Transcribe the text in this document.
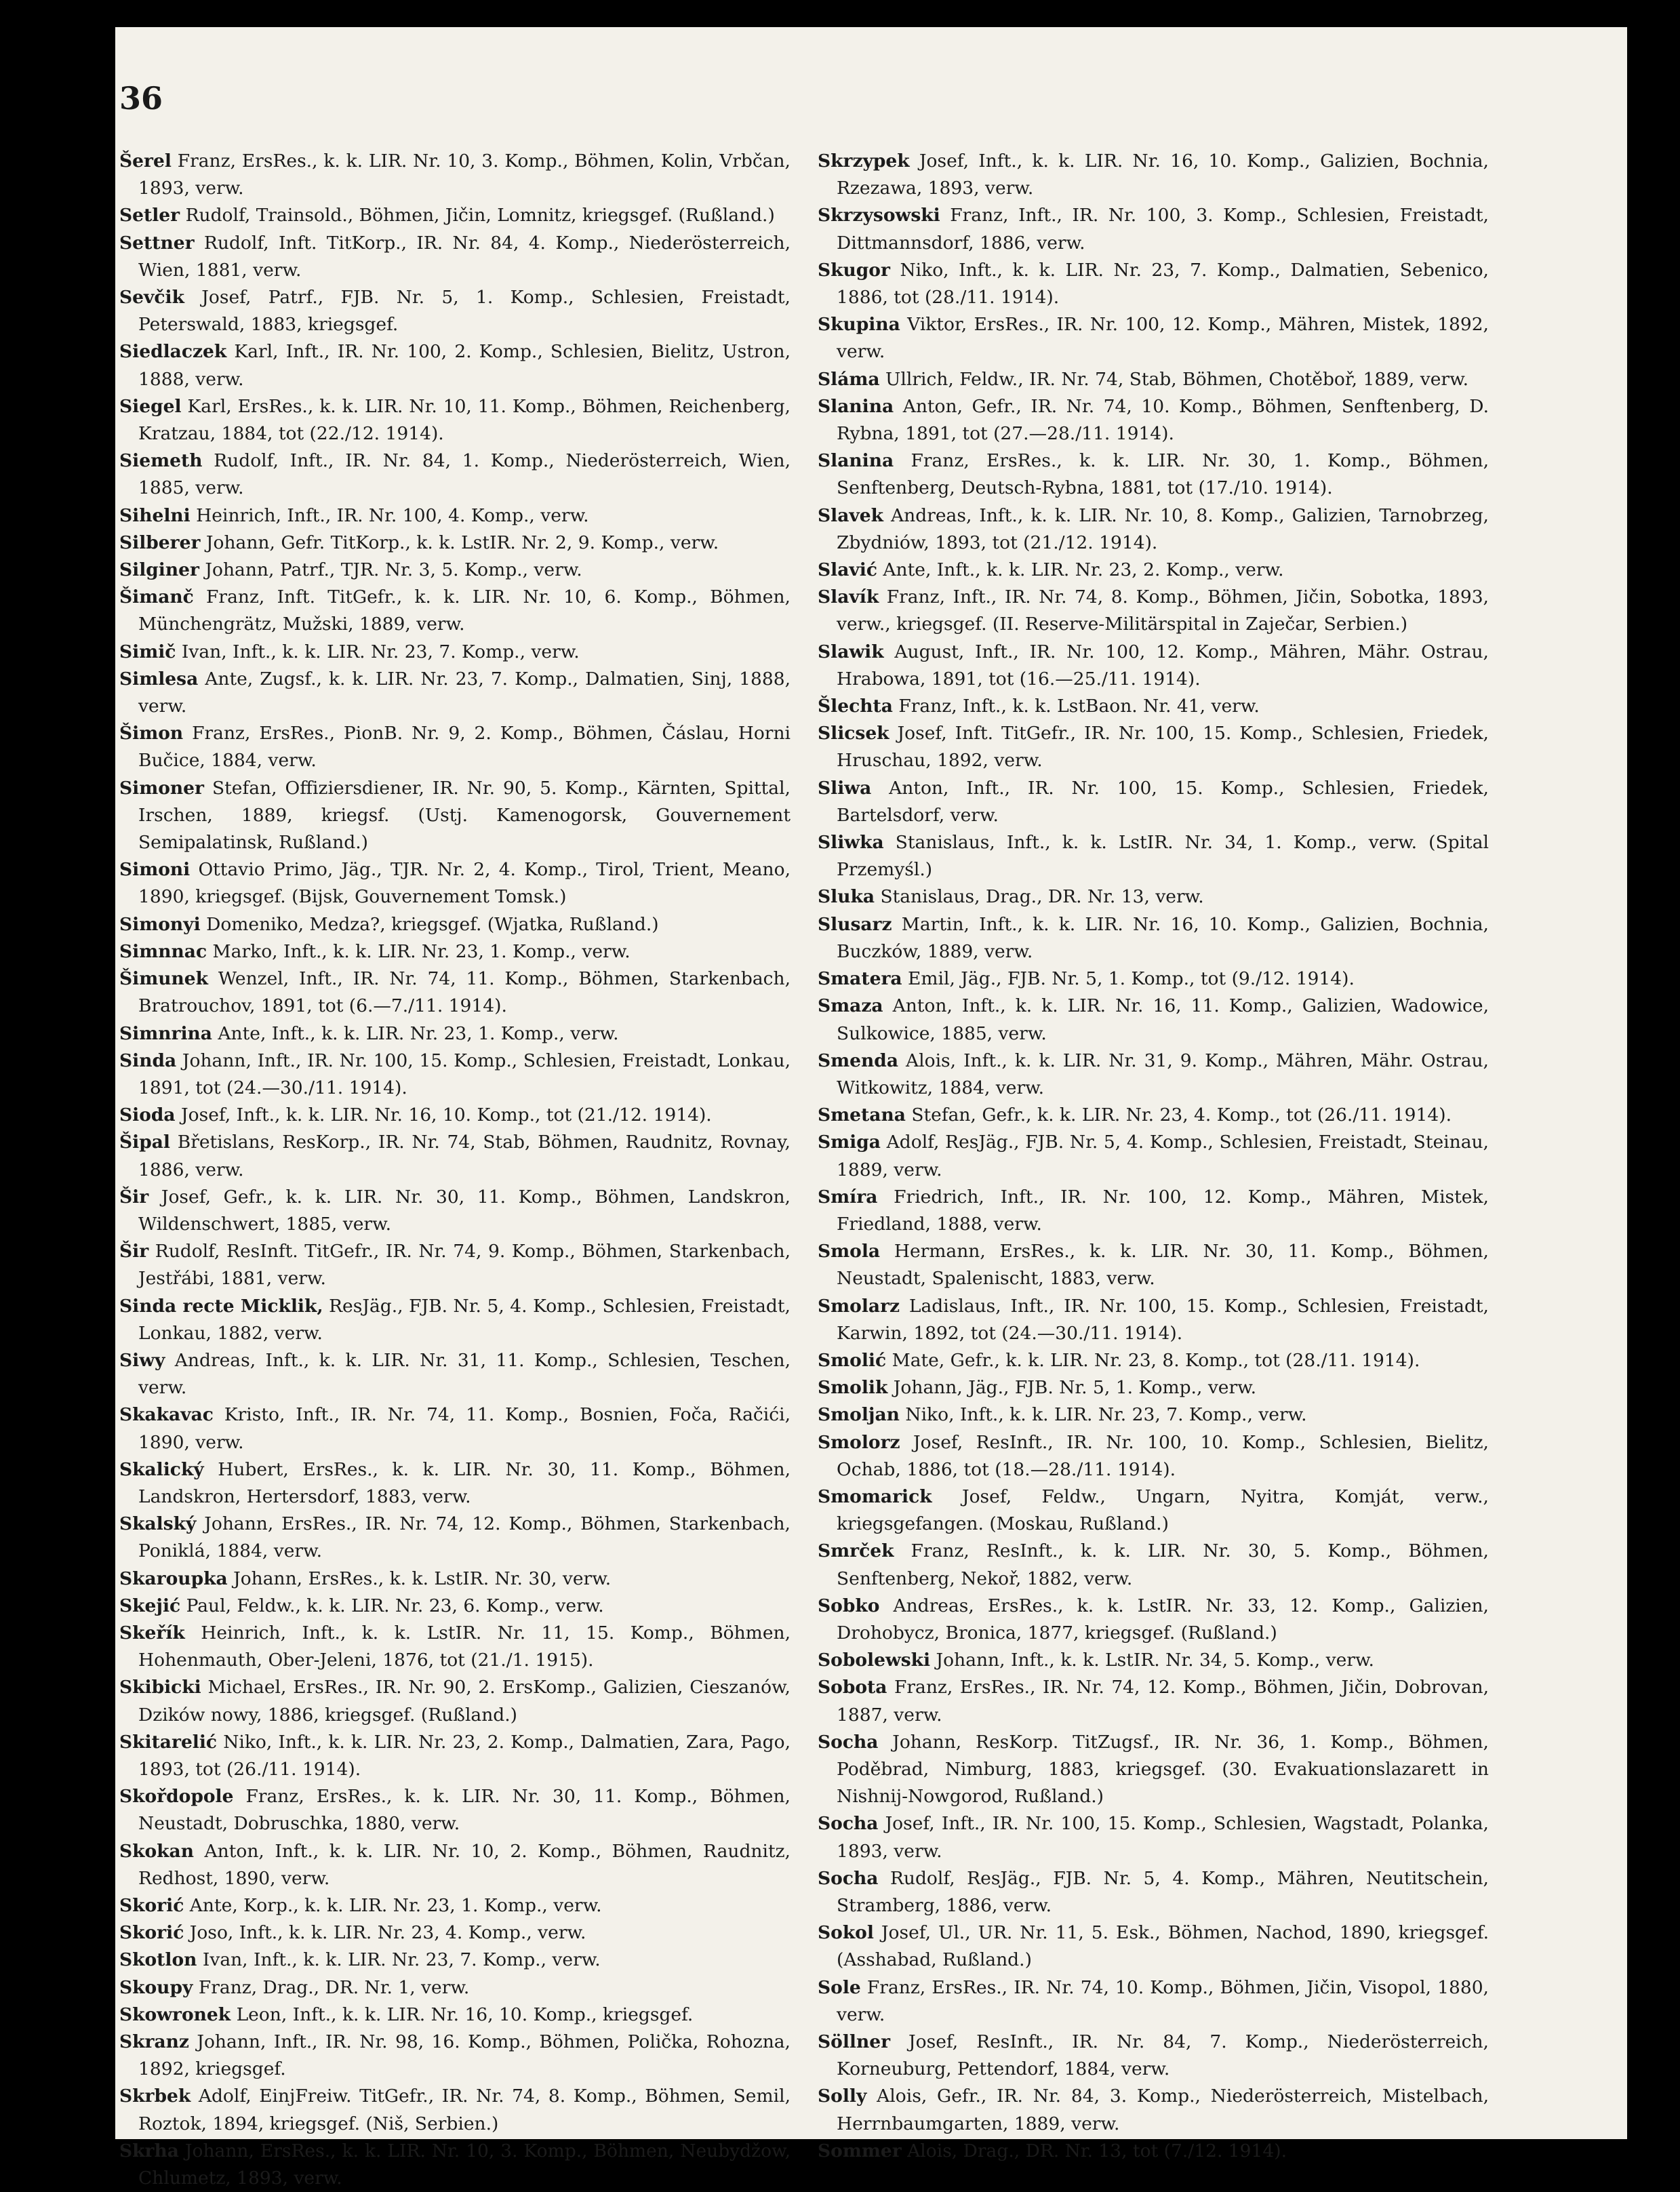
36

Šerel Franz, ErsRes., k. k. LIR. Nr. 10, 3. Komp., Böhmen, Kolin, Vrbčan, 1893, verw.

Setler Rudolf, Trainsold., Böhmen, Jičin, Lomnitz, kriegsgef. (Rußland.)

Settner Rudolf, Inft. TitKorp., IR. Nr. 84, 4. Komp., Niederösterreich, Wien, 1881, verw.

Sevčik Josef, Patrf., FJB. Nr. 5, 1. Komp., Schlesien, Freistadt, Peterswald, 1883, kriegsgef.

Siedlaczek Karl, Inft., IR. Nr. 100, 2. Komp., Schlesien, Bielitz, Ustron, 1888, verw.

Siegel Karl, ErsRes., k. k. LIR. Nr. 10, 11. Komp., Böhmen, Reichenberg, Kratzau, 1884, tot (22./12. 1914).

Siemeth Rudolf, Inft., IR. Nr. 84, 1. Komp., Niederösterreich, Wien, 1885, verw.

Sihelni Heinrich, Inft., IR. Nr. 100, 4. Komp., verw.

Silberer Johann, Gefr. TitKorp., k. k. LstIR. Nr. 2, 9. Komp., verw.

Silginer Johann, Patrf., TJR. Nr. 3, 5. Komp., verw.

Šimanč Franz, Inft. TitGefr., k. k. LIR. Nr. 10, 6. Komp., Böhmen, Münchengrätz, Mužski, 1889, verw.

Simič Ivan, Inft., k. k. LIR. Nr. 23, 7. Komp., verw.

Simlesa Ante, Zugsf., k. k. LIR. Nr. 23, 7. Komp., Dalmatien, Sinj, 1888, verw.

Šimon Franz, ErsRes., PionB. Nr. 9, 2. Komp., Böhmen, Čáslau, Horni Bučice, 1884, verw.

Simoner Stefan, Offiziersdiener, IR. Nr. 90, 5. Komp., Kärnten, Spittal, Irschen, 1889, kriegsf. (Ustj. Kamenogorsk, Gouvernement Semipalatinsk, Rußland.)

Simoni Ottavio Primo, Jäg., TJR. Nr. 2, 4. Komp., Tirol, Trient, Meano, 1890, kriegsgef. (Bijsk, Gouvernement Tomsk.)

Simonyi Domeniko, Medza?, kriegsgef. (Wjatka, Rußland.)

Simnnac Marko, Inft., k. k. LIR. Nr. 23, 1. Komp., verw.

Šimunek Wenzel, Inft., IR. Nr. 74, 11. Komp., Böhmen, Starkenbach, Bratrouchov, 1891, tot (6.—7./11. 1914).

Simnrina Ante, Inft., k. k. LIR. Nr. 23, 1. Komp., verw.

Sinda Johann, Inft., IR. Nr. 100, 15. Komp., Schlesien, Freistadt, Lonkau, 1891, tot (24.—30./11. 1914).

Sioda Josef, Inft., k. k. LIR. Nr. 16, 10. Komp., tot (21./12. 1914).

Šipal Břetislans, ResKorp., IR. Nr. 74, Stab, Böhmen, Raudnitz, Rovnay, 1886, verw.

Šir Josef, Gefr., k. k. LIR. Nr. 30, 11. Komp., Böhmen, Landskron, Wildenschwert, 1885, verw.

Šir Rudolf, ResInft. TitGefr., IR. Nr. 74, 9. Komp., Böhmen, Starkenbach, Jestřábi, 1881, verw.

Sinda recte Micklik, ResJäg., FJB. Nr. 5, 4. Komp., Schlesien, Freistadt, Lonkau, 1882, verw.

Siwy Andreas, Inft., k. k. LIR. Nr. 31, 11. Komp., Schlesien, Teschen, verw.

Skakavac Kristo, Inft., IR. Nr. 74, 11. Komp., Bosnien, Foča, Račići, 1890, verw.

Skalický Hubert, ErsRes., k. k. LIR. Nr. 30, 11. Komp., Böhmen, Landskron, Hertersdorf, 1883, verw.

Skalský Johann, ErsRes., IR. Nr. 74, 12. Komp., Böhmen, Starkenbach, Poniklá, 1884, verw.

Skaroupka Johann, ErsRes., k. k. LstIR. Nr. 30, verw.

Skejić Paul, Feldw., k. k. LIR. Nr. 23, 6. Komp., verw.

Skeřík Heinrich, Inft., k. k. LstIR. Nr. 11, 15. Komp., Böhmen, Hohenmauth, Ober-Jeleni, 1876, tot (21./1. 1915).

Skibicki Michael, ErsRes., IR. Nr. 90, 2. ErsKomp., Galizien, Cieszanów, Dzików nowy, 1886, kriegsgef. (Rußland.)

Skitarelić Niko, Inft., k. k. LIR. Nr. 23, 2. Komp., Dalmatien, Zara, Pago, 1893, tot (26./11. 1914).

Skořdopole Franz, ErsRes., k. k. LIR. Nr. 30, 11. Komp., Böhmen, Neustadt, Dobruschka, 1880, verw.

Skokan Anton, Inft., k. k. LIR. Nr. 10, 2. Komp., Böhmen, Raudnitz, Redhost, 1890, verw.

Skorić Ante, Korp., k. k. LIR. Nr. 23, 1. Komp., verw.

Skorić Joso, Inft., k. k. LIR. Nr. 23, 4. Komp., verw.

Skotlon Ivan, Inft., k. k. LIR. Nr. 23, 7. Komp., verw.

Skoupy Franz, Drag., DR. Nr. 1, verw.

Skowronek Leon, Inft., k. k. LIR. Nr. 16, 10. Komp., kriegsgef.

Skranz Johann, Inft., IR. Nr. 98, 16. Komp., Böhmen, Polička, Rohozna, 1892, kriegsgef.

Skrbek Adolf, EinjFreiw. TitGefr., IR. Nr. 74, 8. Komp., Böhmen, Semil, Roztok, 1894, kriegsgef. (Niš, Serbien.)

Skrha Johann, ErsRes., k. k. LIR. Nr. 10, 3. Komp., Böhmen, Neubydžow, Chlumetz, 1893, verw.

Skrzypek Josef, Inft., k. k. LIR. Nr. 16, 10. Komp., Galizien, Bochnia, Rzezawa, 1893, verw.

Skrzysowski Franz, Inft., IR. Nr. 100, 3. Komp., Schlesien, Freistadt, Dittmannsdorf, 1886, verw.

Skugor Niko, Inft., k. k. LIR. Nr. 23, 7. Komp., Dalmatien, Sebenico, 1886, tot (28./11. 1914).

Skupina Viktor, ErsRes., IR. Nr. 100, 12. Komp., Mähren, Mistek, 1892, verw.

Sláma Ullrich, Feldw., IR. Nr. 74, Stab, Böhmen, Chotěboř, 1889, verw.

Slanina Anton, Gefr., IR. Nr. 74, 10. Komp., Böhmen, Senftenberg, D. Rybna, 1891, tot (27.—28./11. 1914).

Slanina Franz, ErsRes., k. k. LIR. Nr. 30, 1. Komp., Böhmen, Senftenberg, Deutsch-Rybna, 1881, tot (17./10. 1914).

Slavek Andreas, Inft., k. k. LIR. Nr. 10, 8. Komp., Galizien, Tarnobrzeg, Zbydniów, 1893, tot (21./12. 1914).

Slavić Ante, Inft., k. k. LIR. Nr. 23, 2. Komp., verw.

Slavík Franz, Inft., IR. Nr. 74, 8. Komp., Böhmen, Jičin, Sobotka, 1893, verw., kriegsgef. (II. Reserve-Militärspital in Zaječar, Serbien.)

Slawik August, Inft., IR. Nr. 100, 12. Komp., Mähren, Mähr. Ostrau, Hrabowa, 1891, tot (16.—25./11. 1914).

Šlechta Franz, Inft., k. k. LstBaon. Nr. 41, verw.

Slicsek Josef, Inft. TitGefr., IR. Nr. 100, 15. Komp., Schlesien, Friedek, Hruschau, 1892, verw.

Sliwa Anton, Inft., IR. Nr. 100, 15. Komp., Schlesien, Friedek, Bartelsdorf, verw.

Sliwka Stanislaus, Inft., k. k. LstIR. Nr. 34, 1. Komp., verw. (Spital Przemyśl.)

Sluka Stanislaus, Drag., DR. Nr. 13, verw.

Slusarz Martin, Inft., k. k. LIR. Nr. 16, 10. Komp., Galizien, Bochnia, Buczków, 1889, verw.

Smatera Emil, Jäg., FJB. Nr. 5, 1. Komp., tot (9./12. 1914).

Smaza Anton, Inft., k. k. LIR. Nr. 16, 11. Komp., Galizien, Wadowice, Sulkowice, 1885, verw.

Smenda Alois, Inft., k. k. LIR. Nr. 31, 9. Komp., Mähren, Mähr. Ostrau, Witkowitz, 1884, verw.

Smetana Stefan, Gefr., k. k. LIR. Nr. 23, 4. Komp., tot (26./11. 1914).

Smiga Adolf, ResJäg., FJB. Nr. 5, 4. Komp., Schlesien, Freistadt, Steinau, 1889, verw.

Smíra Friedrich, Inft., IR. Nr. 100, 12. Komp., Mähren, Mistek, Friedland, 1888, verw.

Smola Hermann, ErsRes., k. k. LIR. Nr. 30, 11. Komp., Böhmen, Neustadt, Spalenischt, 1883, verw.

Smolarz Ladislaus, Inft., IR. Nr. 100, 15. Komp., Schlesien, Freistadt, Karwin, 1892, tot (24.—30./11. 1914).

Smolić Mate, Gefr., k. k. LIR. Nr. 23, 8. Komp., tot (28./11. 1914).

Smolik Johann, Jäg., FJB. Nr. 5, 1. Komp., verw.

Smoljan Niko, Inft., k. k. LIR. Nr. 23, 7. Komp., verw.

Smolorz Josef, ResInft., IR. Nr. 100, 10. Komp., Schlesien, Bielitz, Ochab, 1886, tot (18.—28./11. 1914).

Smomarick Josef, Feldw., Ungarn, Nyitra, Komját, verw., kriegsgefangen. (Moskau, Rußland.)

Smrček Franz, ResInft., k. k. LIR. Nr. 30, 5. Komp., Böhmen, Senftenberg, Nekoř, 1882, verw.

Sobko Andreas, ErsRes., k. k. LstIR. Nr. 33, 12. Komp., Galizien, Drohobycz, Bronica, 1877, kriegsgef. (Rußland.)

Sobolewski Johann, Inft., k. k. LstIR. Nr. 34, 5. Komp., verw.

Sobota Franz, ErsRes., IR. Nr. 74, 12. Komp., Böhmen, Jičin, Dobrovan, 1887, verw.

Socha Johann, ResKorp. TitZugsf., IR. Nr. 36, 1. Komp., Böhmen, Poděbrad, Nimburg, 1883, kriegsgef. (30. Evakuationslazarett in Nishnij-Nowgorod, Rußland.)

Socha Josef, Inft., IR. Nr. 100, 15. Komp., Schlesien, Wagstadt, Polanka, 1893, verw.

Socha Rudolf, ResJäg., FJB. Nr. 5, 4. Komp., Mähren, Neutitschein, Stramberg, 1886, verw.

Sokol Josef, Ul., UR. Nr. 11, 5. Esk., Böhmen, Nachod, 1890, kriegsgef. (Asshabad, Rußland.)

Sole Franz, ErsRes., IR. Nr. 74, 10. Komp., Böhmen, Jičin, Visopol, 1880, verw.

Söllner Josef, ResInft., IR. Nr. 84, 7. Komp., Niederösterreich, Korneuburg, Pettendorf, 1884, verw.

Solly Alois, Gefr., IR. Nr. 84, 3. Komp., Niederösterreich, Mistelbach, Herrnbaumgarten, 1889, verw.

Sommer Alois, Drag., DR. Nr. 13, tot (7./12. 1914).
